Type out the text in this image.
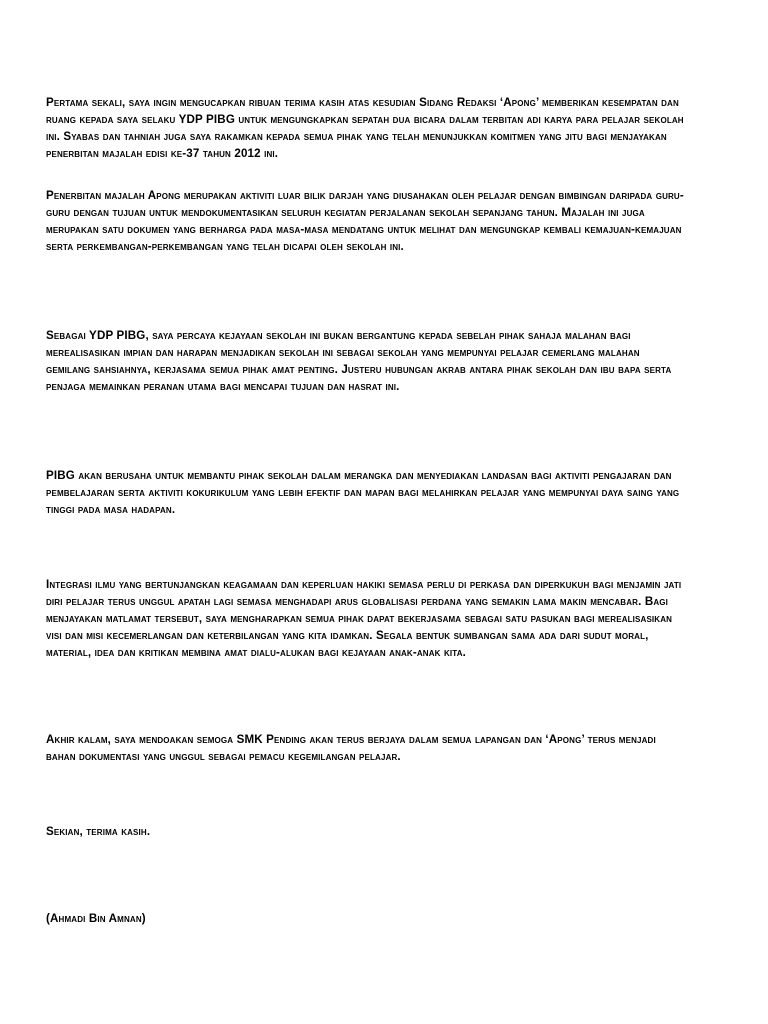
Pertama sekali, saya ingin mengucapkan ribuan terima kasih atas kesudian Sidang Redaksi ‘Apong’ memberikan kesempatan dan ruang kepada saya selaku YDP PIBG untuk mengungkapkan sepatah dua bicara dalam terbitan adi karya para pelajar sekolah ini. Syabas dan tahniah juga saya rakamkan kepada semua pihak yang telah menunjukkan komitmen yang jitu bagi menjayakan penerbitan majalah edisi ke-37 tahun 2012 ini.

Penerbitan majalah Apong merupakan aktiviti luar bilik darjah yang diusahakan oleh pelajar dengan bimbingan daripada guru-guru dengan tujuan untuk mendokumentasikan seluruh kegiatan perjalanan sekolah sepanjang tahun. Majalah ini juga merupakan satu dokumen yang berharga pada masa-masa mendatang untuk melihat dan mengungkap kembali kemajuan-kemajuan serta perkembangan-perkembangan yang telah dicapai oleh sekolah ini.

Sebagai YDP PIBG, saya percaya kejayaan sekolah ini bukan bergantung kepada sebelah pihak sahaja malahan bagi merealisasikan impian dan harapan menjadikan sekolah ini sebagai sekolah yang mempunyai pelajar cemerlang malahan gemilang sahsiahnya, kerjasama semua pihak amat penting. Justeru hubungan akrab antara pihak sekolah dan ibu bapa serta penjaga memainkan peranan utama bagi mencapai tujuan dan hasrat ini.

PIBG akan berusaha untuk membantu pihak sekolah dalam merangka dan menyediakan landasan bagi aktiviti pengajaran dan pembelajaran serta aktiviti kokurikulum yang lebih efektif dan mapan bagi melahirkan pelajar yang mempunyai daya saing yang tinggi pada masa hadapan.

Integrasi ilmu yang bertunjangkan keagamaan dan keperluan hakiki semasa perlu di perkasa dan diperkukuh bagi menjamin jati diri pelajar terus unggul apatah lagi semasa menghadapi arus globalisasi perdana yang semakin lama makin mencabar. Bagi menjayakan matlamat tersebut, saya mengharapkan semua pihak dapat bekerjasama sebagai satu pasukan bagi merealisasikan visi dan misi kecemerlangan dan keterbilangan yang kita idamkan. Segala bentuk sumbangan sama ada dari sudut moral, material, idea dan kritikan membina amat dialu-alukan bagi kejayaan anak-anak kita.

Akhir kalam, saya mendoakan semoga SMK Pending akan terus berjaya dalam semua lapangan dan ‘Apong’ terus menjadi bahan dokumentasi yang unggul sebagai pemacu kegemilangan pelajar.

Sekian, terima kasih.

(Ahmadi Bin Amnan)
